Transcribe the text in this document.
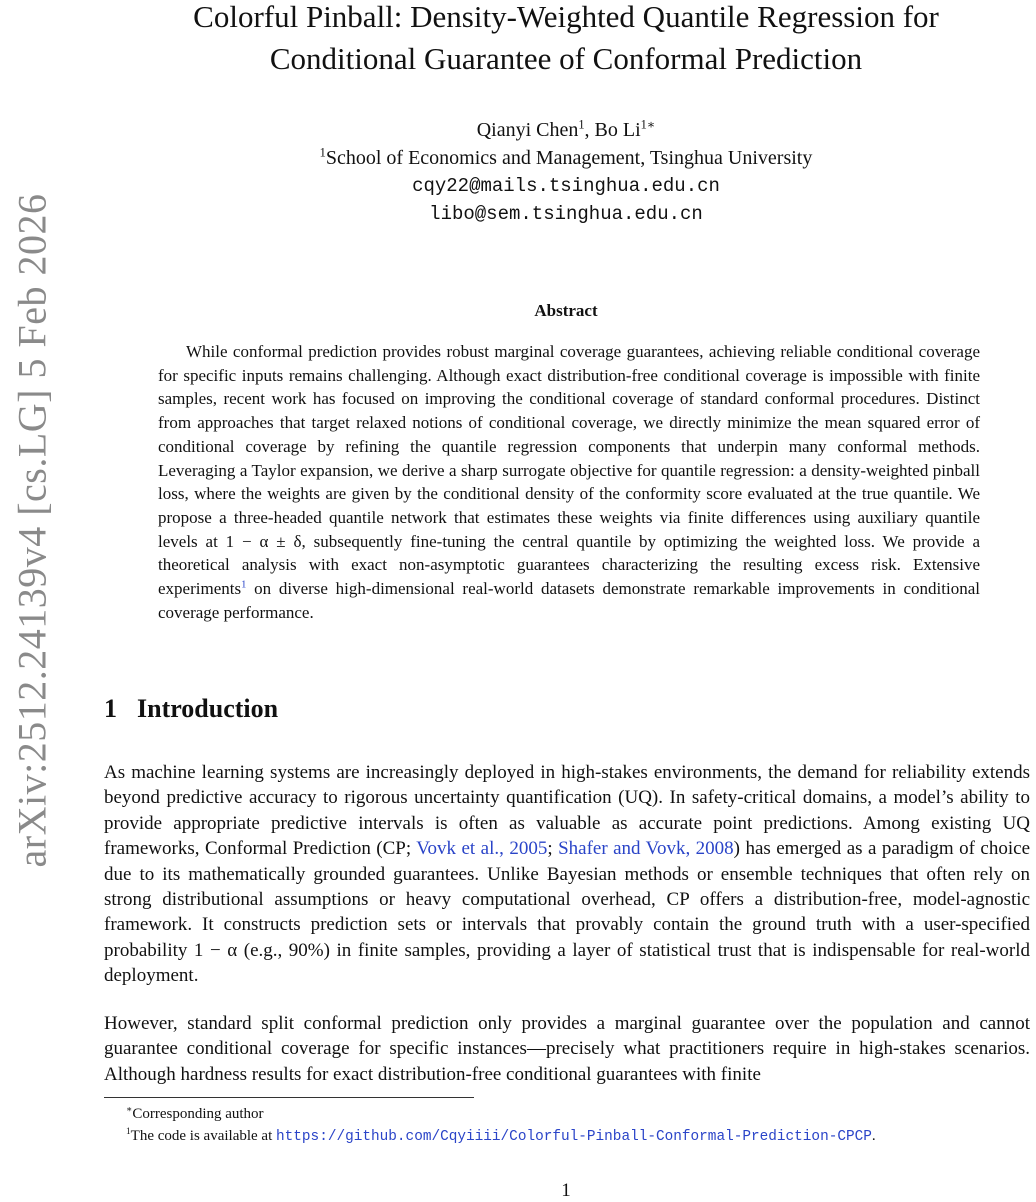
arXiv:2512.24139v4 [cs.LG] 5 Feb 2026
Colorful Pinball: Density-Weighted Quantile Regression for
Conditional Guarantee of Conformal Prediction
Qianyi Chen$^1$, Bo $Li^{1∗}$
$^1$School of Economics and Management, Tsinghua University
cqy22@mails.tsinghua.edu.cn
libo@sem.tsinghua.edu.cn
Abstract

While conformal prediction provides robust marginal coverage guarantees, achieving reliable conditional coverage for specific inputs remains challenging. Although exact distribution-free conditional coverage is impossible with finite samples, recent work has focused on improving the conditional coverage of standard conformal procedures. Distinct from approaches that target relaxed notions of conditional coverage, we directly minimize the mean squared error of conditional coverage by refining the quantile regression components that underpin many conformal methods. Leveraging a Taylor expansion, we derive a sharp surrogate objective for quantile regression: a density-weighted pinball loss, where the weights are given by the conditional density of the conformity score evaluated at the true quantile. We propose a three-headed quantile network that estimates these weights via finite differences using auxiliary quantile levels at 1 − α ± δ, subsequently fine-tuning the central quantile by optimizing the weighted loss. We provide a theoretical analysis with exact non-asymptotic guarantees characterizing the resulting excess risk. Extensive experiments$^1$ on diverse high-dimensional real-world datasets demonstrate remarkable improvements in conditional coverage performance.

1 Introduction

As machine learning systems are increasingly deployed in high-stakes environments, the demand for reliability extends beyond predictive accuracy to rigorous uncertainty quantification (UQ). In safety-critical domains, a model’s ability to provide appropriate predictive intervals is often as valuable as accurate point predictions. Among existing UQ frameworks, Conformal Prediction (CP; Vovk et al., 2005; Shafer and Vovk, 2008) has emerged as a paradigm of choice due to its mathematically grounded guarantees. Unlike Bayesian methods or ensemble techniques that often rely on strong distributional assumptions or heavy computational overhead, CP offers a distribution-free, model-agnostic framework. It constructs prediction sets or intervals that provably contain the ground truth with a user-specified probability 1 − α (e.g., 90%) in finite samples, providing a layer of statistical trust that is indispensable for real-world deployment.

However, standard split conformal prediction only provides a marginal guarantee over the population and cannot guarantee conditional coverage for specific instances—precisely what practitioners require in high-stakes scenarios. Although hardness results for exact distribution-free conditional guarantees with finite

∗Corresponding author
$^1$The code is available at https://github.com/Cqyiiii/Colorful-Pinball-Conformal-Prediction-CPCP.
1
